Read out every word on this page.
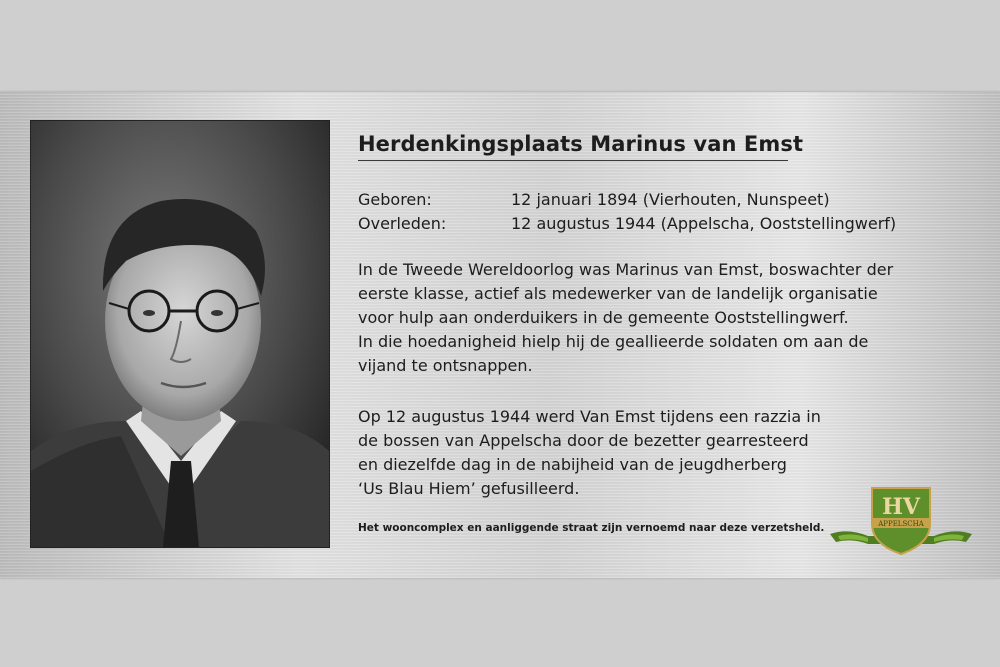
Herdenkingsplaats Marinus van Emst
Geboren:	12 januari 1894 (Vierhouten, Nunspeet)
Overleden:	12 augustus 1944 (Appelscha, Ooststellingwerf)
In de Tweede Wereldoorlog was Marinus van Emst, boswachter der
eerste klasse, actief als medewerker van de landelijk organisatie
voor hulp aan onderduikers in de gemeente Ooststellingwerf.
In die hoedanigheid hielp hij de geallieerde soldaten om aan de
vijand te ontsnappen.
Op 12 augustus 1944 werd Van Emst tijdens een razzia in
de bossen van Appelscha door de bezetter gearresteerd
en diezelfde dag in de nabijheid van de jeugdherberg
‘Us Blau Hiem’ gefusilleerd.
Het wooncomplex en aanliggende straat zijn vernoemd naar deze verzetsheld.
HV
APPELSCHA
